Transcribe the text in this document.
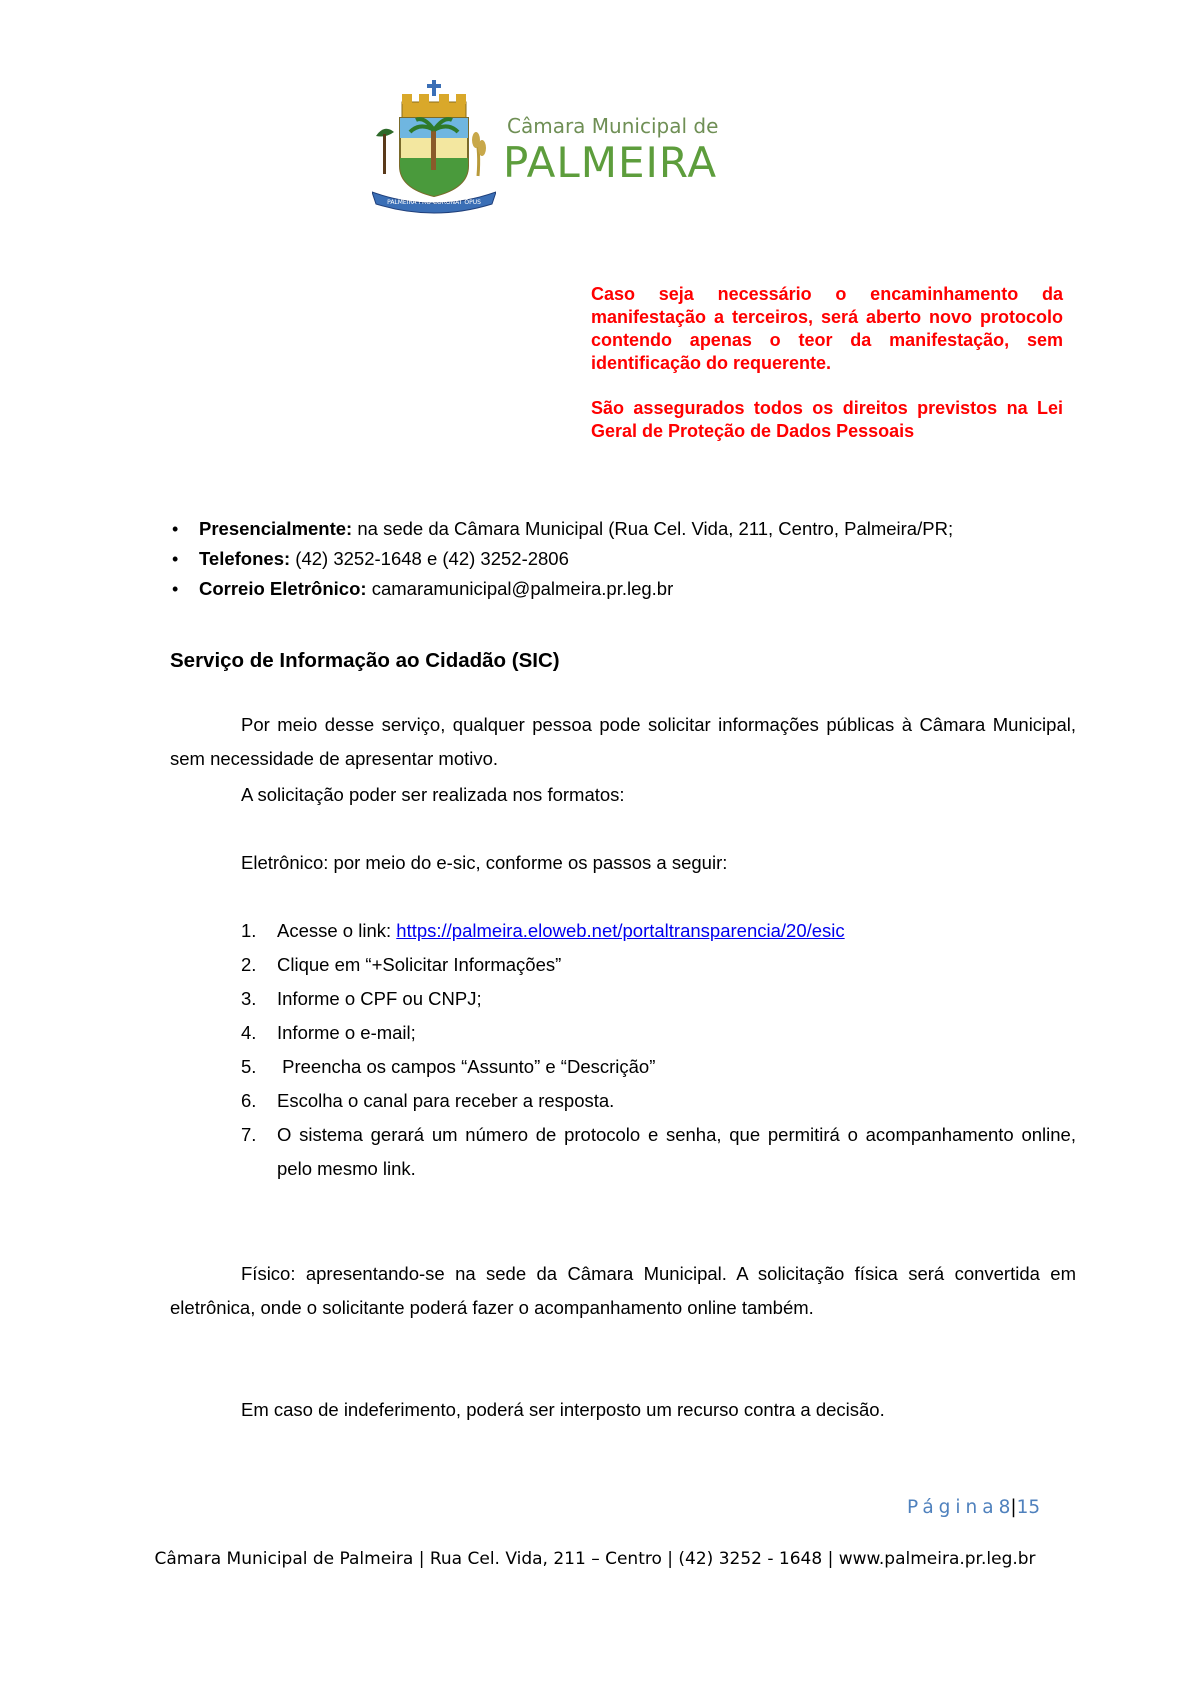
PALMEIRA PRO CORONAT OPUS
Câmara Municipal de
PALMEIRA

Caso seja necessário o encaminhamento da manifestação a terceiros, será aberto novo protocolo contendo apenas o teor da manifestação, sem identificação do requerente.

São assegurados todos os direitos previstos na Lei Geral de Proteção de Dados Pessoais

• Presencialmente: na sede da Câmara Municipal (Rua Cel. Vida, 211, Centro, Palmeira/PR;
• Telefones: (42) 3252-1648 e (42) 3252-2806
• Correio Eletrônico: camaramunicipal@palmeira.pr.leg.br
Serviço de Informação ao Cidadão (SIC)
Por meio desse serviço, qualquer pessoa pode solicitar informações públicas à Câmara Municipal, sem necessidade de apresentar motivo.
A solicitação poder ser realizada nos formatos:
Eletrônico: por meio do e-sic, conforme os passos a seguir:
1. Acesse o link: https://palmeira.eloweb.net/portaltransparencia/20/esic
2. Clique em “+Solicitar Informações”
3. Informe o CPF ou CNPJ;
4. Informe o e-mail;
5. Preencha os campos “Assunto” e “Descrição”
6. Escolha o canal para receber a resposta.
7. O sistema gerará um número de protocolo e senha, que permitirá o acompanhamento online, pelo mesmo link.
Físico: apresentando-se na sede da Câmara Municipal. A solicitação física será convertida em eletrônica, onde o solicitante poderá fazer o acompanhamento online também.
Em caso de indeferimento, poderá ser interposto um recurso contra a decisão.
Página8|15
Câmara Municipal de Palmeira | Rua Cel. Vida, 211 – Centro | (42) 3252 - 1648 | www.palmeira.pr.leg.br
